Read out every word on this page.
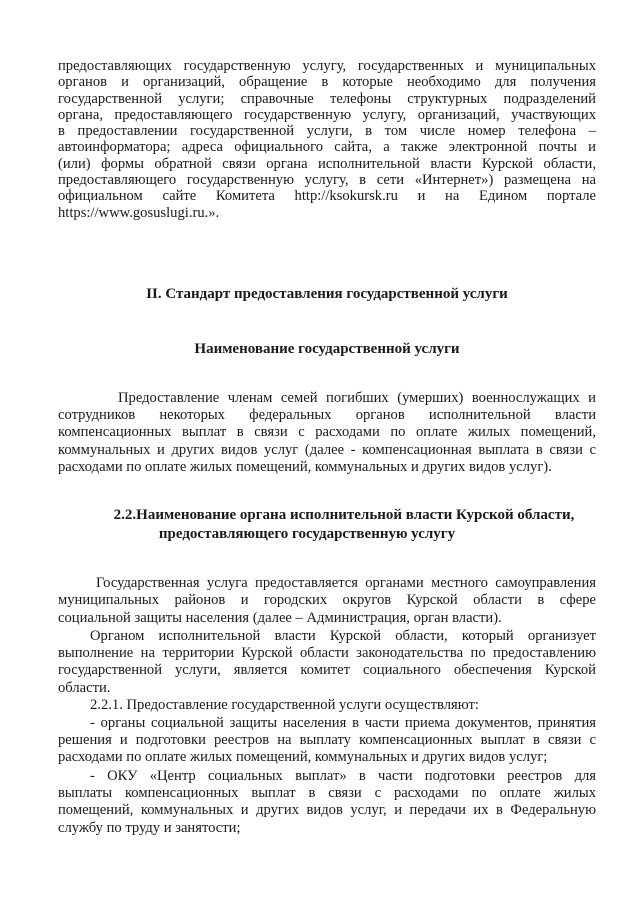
предоставляющих государственную услугу, государственных и муниципальных
органов и организаций, обращение в которые необходимо для получения
государственной услуги; справочные телефоны структурных подразделений
органа, предоставляющего государственную услугу, организаций, участвующих
в предоставлении государственной услуги, в том числе номер телефона –
автоинформатора; адреса официального сайта, а также электронной почты и
(или) формы обратной связи органа исполнительной власти Курской области,
предоставляющего государственную услугу, в сети «Интернет») размещена на
официальном сайте Комитета http://ksokursk.ru и на Едином портале
https://www.gosuslugi.ru.».
II. Стандарт предоставления государственной услуги
Наименование государственной услуги
Предоставление членам семей погибших (умерших) военнослужащих и
сотрудников некоторых федеральных органов исполнительной власти
компенсационных выплат в связи с расходами по оплате жилых помещений,
коммунальных и других видов услуг (далее - компенсационная выплата в связи с
расходами по оплате жилых помещений, коммунальных и других видов услуг).
2.2.Наименование органа исполнительной власти Курской области,
предоставляющего государственную услугу
Государственная услуга предоставляется органами местного самоуправления
муниципальных районов и городских округов Курской области в сфере
социальной защиты населения (далее – Администрация, орган власти).
Органом исполнительной власти Курской области, который организует
выполнение на территории Курской области законодательства по предоставлению
государственной услуги, является комитет социального обеспечения Курской
области.
2.2.1. Предоставление государственной услуги осуществляют:
- органы социальной защиты населения в части приема документов, принятия
решения и подготовки реестров на выплату компенсационных выплат в связи с
расходами по оплате жилых помещений, коммунальных и других видов услуг;
- ОКУ «Центр социальных выплат» в части подготовки реестров для
выплаты компенсационных выплат в связи с расходами по оплате жилых
помещений, коммунальных и других видов услуг, и передачи их в Федеральную
службу по труду и занятости;
